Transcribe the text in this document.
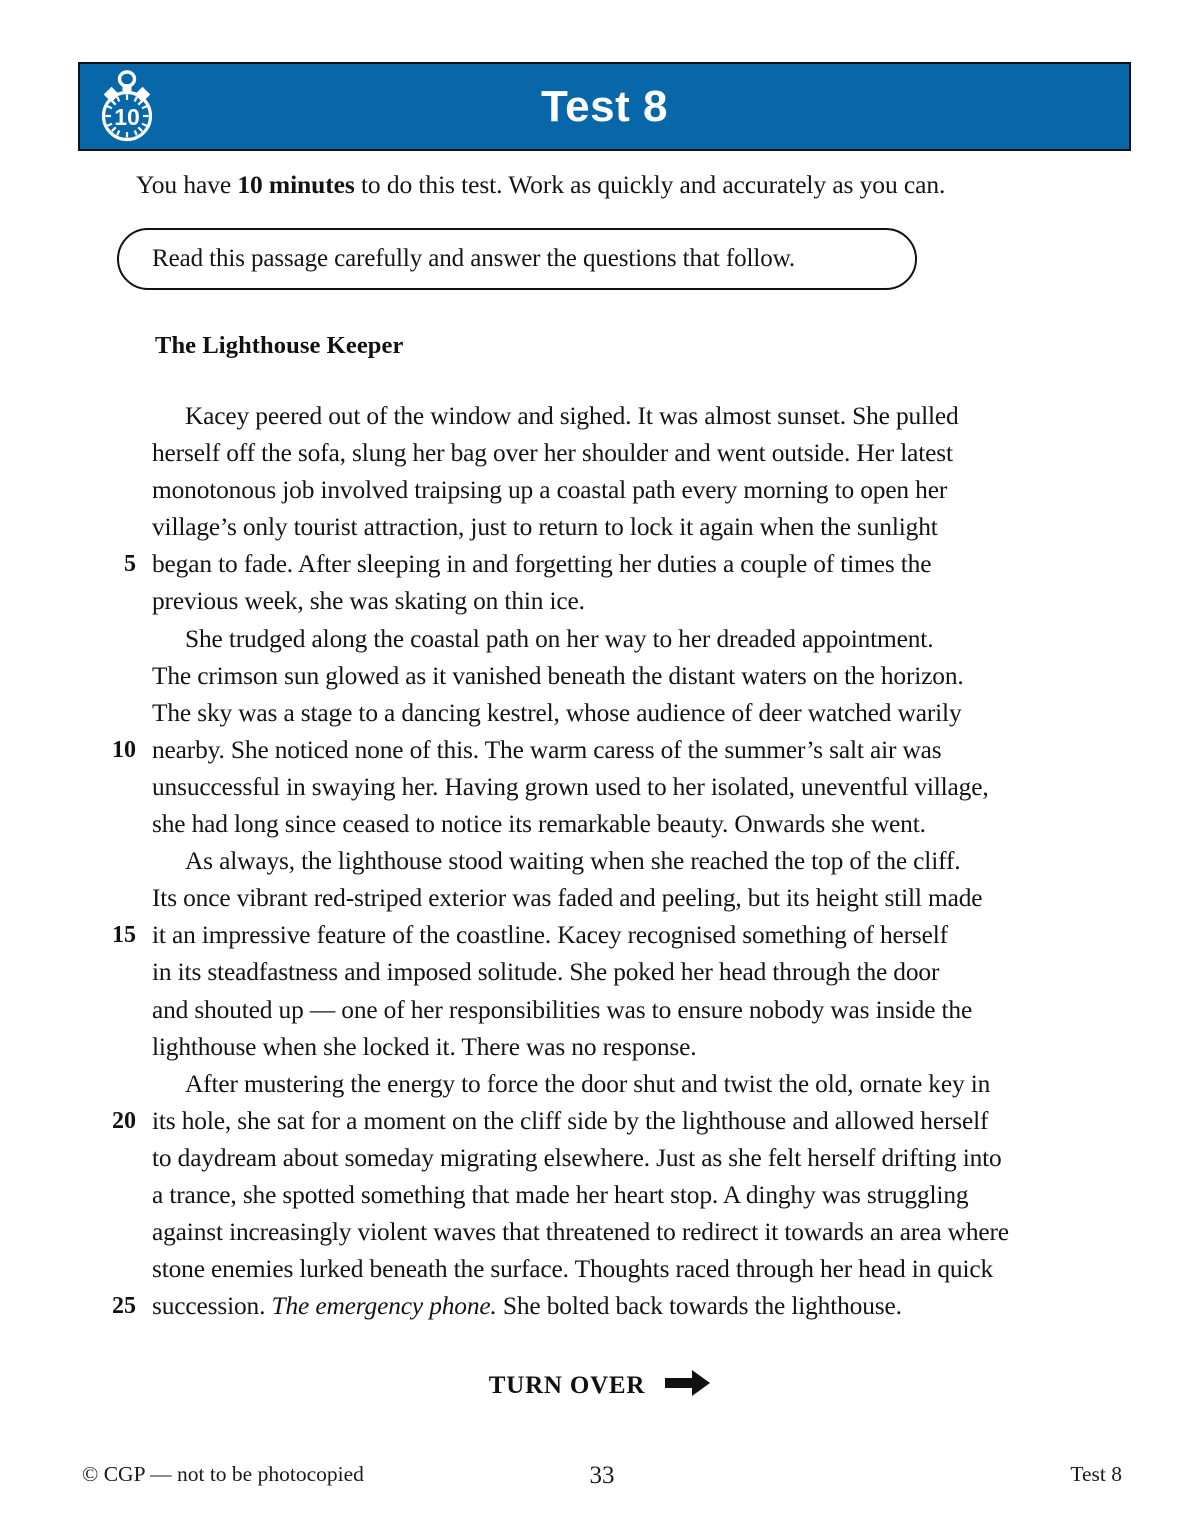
10	Test 8
You have 10 minutes to do this test. Work as quickly and accurately as you can.
Read this passage carefully and answer the questions that follow.
The Lighthouse Keeper
Kacey peered out of the window and sighed. It was almost sunset. She pulled
herself off the sofa, slung her bag over her shoulder and went outside. Her latest
monotonous job involved traipsing up a coastal path every morning to open her
village’s only tourist attraction, just to return to lock it again when the sunlight
5 began to fade. After sleeping in and forgetting her duties a couple of times the
previous week, she was skating on thin ice.
She trudged along the coastal path on her way to her dreaded appointment.
The crimson sun glowed as it vanished beneath the distant waters on the horizon.
The sky was a stage to a dancing kestrel, whose audience of deer watched warily
10 nearby. She noticed none of this. The warm caress of the summer’s salt air was
unsuccessful in swaying her. Having grown used to her isolated, uneventful village,
she had long since ceased to notice its remarkable beauty. Onwards she went.
As always, the lighthouse stood waiting when she reached the top of the cliff.
Its once vibrant red-striped exterior was faded and peeling, but its height still made
15 it an impressive feature of the coastline. Kacey recognised something of herself
in its steadfastness and imposed solitude. She poked her head through the door
and shouted up — one of her responsibilities was to ensure nobody was inside the
lighthouse when she locked it. There was no response.
After mustering the energy to force the door shut and twist the old, ornate key in
20 its hole, she sat for a moment on the cliff side by the lighthouse and allowed herself
to daydream about someday migrating elsewhere. Just as she felt herself drifting into
a trance, she spotted something that made her heart stop. A dinghy was struggling
against increasingly violent waves that threatened to redirect it towards an area where
stone enemies lurked beneath the surface. Thoughts raced through her head in quick
25 succession. The emergency phone. She bolted back towards the lighthouse.
TURN OVER
© CGP — not to be photocopied	33	Test 8
